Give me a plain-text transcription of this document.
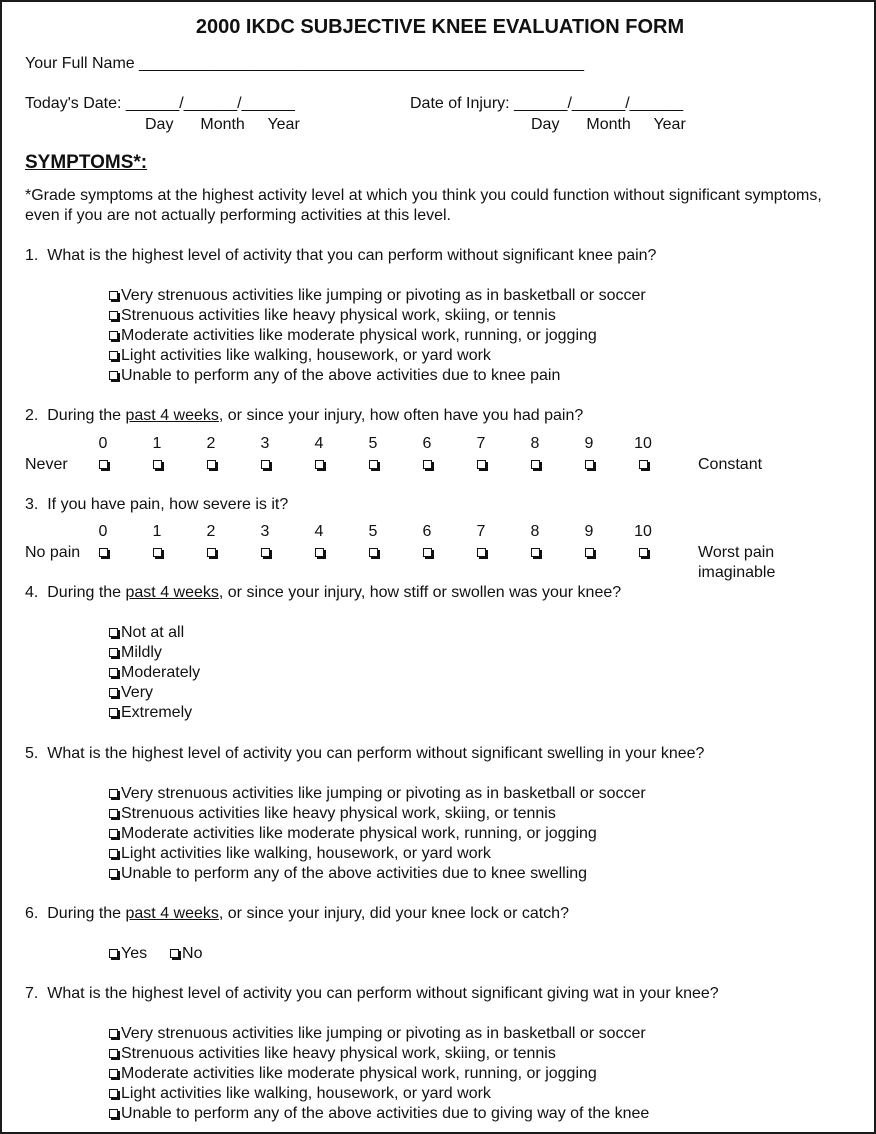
2000 IKDC SUBJECTIVE KNEE EVALUATION FORM
Your Full Name __________________________________________________
Today's Date: ______/______/______
Day Month Year
Date of Injury: ______/______/______
Day Month Year
SYMPTOMS*:
*Grade symptoms at the highest activity level at which you think you could function without significant symptoms,
even if you are not actually performing activities at this level.
1. What is the highest level of activity that you can perform without significant knee pain?
Very strenuous activities like jumping or pivoting as in basketball or soccer
Strenuous activities like heavy physical work, skiing, or tennis
Moderate activities like moderate physical work, running, or jogging
Light activities like walking, housework, or yard work
Unable to perform any of the above activities due to knee pain
2. During the past 4 weeks, or since your injury, how often have you had pain?
0	1	2	3	4	5	6	7	8	9	10
Never	Constant
3. If you have pain, how severe is it?
0	1	2	3	4	5	6	7	8	9	10
No pain	Worst pain
imaginable
4. During the past 4 weeks, or since your injury, how stiff or swollen was your knee?
Not at all
Mildly
Moderately
Very
Extremely
5. What is the highest level of activity you can perform without significant swelling in your knee?
Very strenuous activities like jumping or pivoting as in basketball or soccer
Strenuous activities like heavy physical work, skiing, or tennis
Moderate activities like moderate physical work, running, or jogging
Light activities like walking, housework, or yard work
Unable to perform any of the above activities due to knee swelling
6. During the past 4 weeks, or since your injury, did your knee lock or catch?
Yes No
7. What is the highest level of activity you can perform without significant giving wat in your knee?
Very strenuous activities like jumping or pivoting as in basketball or soccer
Strenuous activities like heavy physical work, skiing, or tennis
Moderate activities like moderate physical work, running, or jogging
Light activities like walking, housework, or yard work
Unable to perform any of the above activities due to giving way of the knee
